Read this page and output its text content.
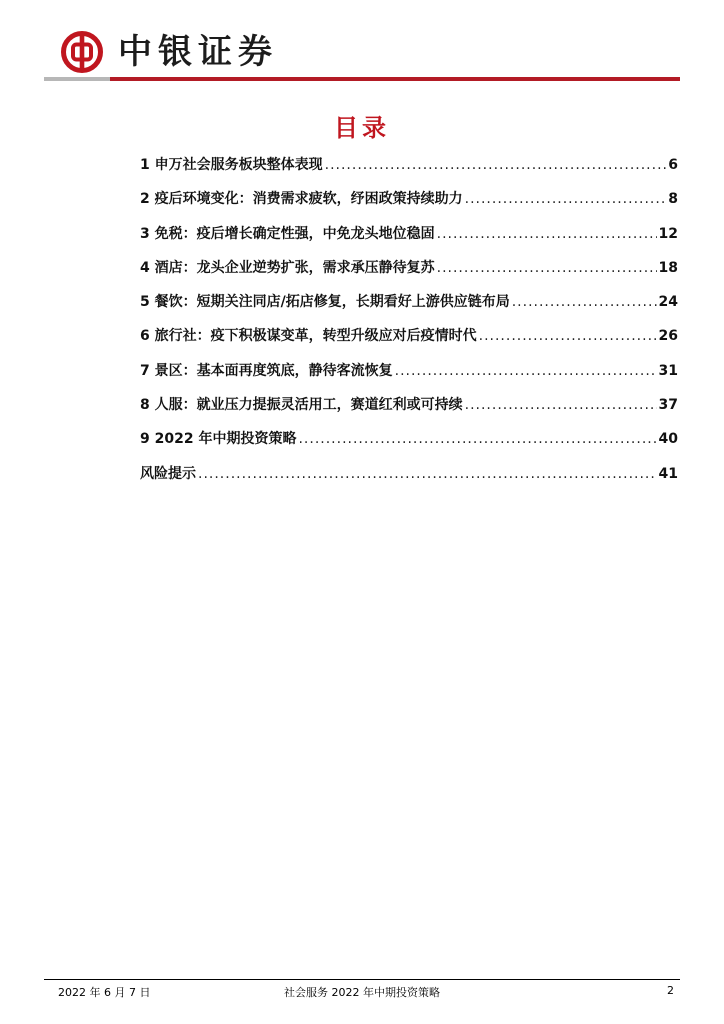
中银证券
目录
1 申万社会服务板块整体表现 .....	6
2 疫后环境变化：消费需求疲软，纾困政策持续助力 .....	8
3 免税：疫后增长确定性强，中免龙头地位稳固 .....	12
4 酒店：龙头企业逆势扩张，需求承压静待复苏 .....	18
5 餐饮：短期关注同店/拓店修复，长期看好上游供应链布局 .....	24
6 旅行社：疫下积极谋变革，转型升级应对后疫情时代 .....	26
7 景区：基本面再度筑底，静待客流恢复 .....	31
8 人服：就业压力提振灵活用工，赛道红利或可持续 .....	37
9 2022 年中期投资策略 .....	40
风险提示 .....	41
2022 年 6 月 7 日	社会服务 2022 年中期投资策略	2
